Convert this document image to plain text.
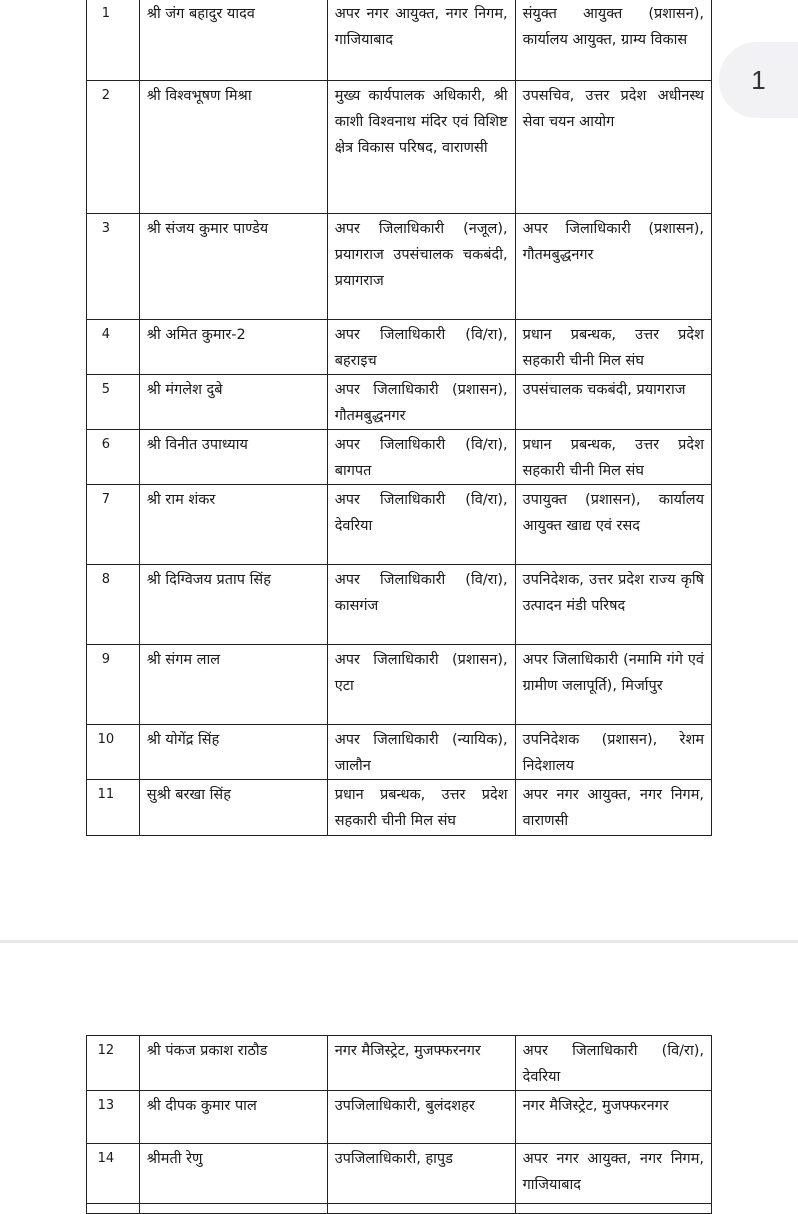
1	श्री जंग बहादुर यादव	अपर नगर आयुक्त, नगर निगम, गाजियाबाद	संयुक्त आयुक्त (प्रशासन), कार्यालय आयुक्त, ग्राम्य विकास
2	श्री विश्वभूषण मिश्रा	मुख्य कार्यपालक अधिकारी, श्री काशी विश्वनाथ मंदिर एवं विशिष्ट क्षेत्र विकास परिषद, वाराणसी	उपसचिव, उत्तर प्रदेश अधीनस्थ सेवा चयन आयोग
3	श्री संजय कुमार पाण्डेय	अपर जिलाधिकारी (नजूल), प्रयागराज उपसंचालक चकबंदी, प्रयागराज	अपर जिलाधिकारी (प्रशासन), गौतमबुद्धनगर
4	श्री अमित कुमार-2	अपर जिलाधिकारी (वि/रा), बहराइच	प्रधान प्रबन्धक, उत्तर प्रदेश सहकारी चीनी मिल संघ
5	श्री मंगलेश दुबे	अपर जिलाधिकारी (प्रशासन), गौतमबुद्धनगर	उपसंचालक चकबंदी, प्रयागराज
6	श्री विनीत उपाध्याय	अपर जिलाधिकारी (वि/रा), बागपत	प्रधान प्रबन्धक, उत्तर प्रदेश सहकारी चीनी मिल संघ
7	श्री राम शंकर	अपर जिलाधिकारी (वि/रा), देवरिया	उपायुक्त (प्रशासन), कार्यालय आयुक्त खाद्य एवं रसद
8	श्री दिग्विजय प्रताप सिंह	अपर जिलाधिकारी (वि/रा), कासगंज	उपनिदेशक, उत्तर प्रदेश राज्य कृषि उत्पादन मंडी परिषद
9	श्री संगम लाल	अपर जिलाधिकारी (प्रशासन), एटा	अपर जिलाधिकारी (नमामि गंगे एवं ग्रामीण जलापूर्ति), मिर्जापुर
10	श्री योगेंद्र सिंह	अपर जिलाधिकारी (न्यायिक), जालौन	उपनिदेशक (प्रशासन), रेशम निदेशालय
11	सुश्री बरखा सिंह	प्रधान प्रबन्धक, उत्तर प्रदेश सहकारी चीनी मिल संघ	अपर नगर आयुक्त, नगर निगम, वाराणसी
12	श्री पंकज प्रकाश राठौड	नगर मैजिस्ट्रेट, मुजफ्फरनगर	अपर जिलाधिकारी (वि/रा), देवरिया
13	श्री दीपक कुमार पाल	उपजिलाधिकारी, बुलंदशहर	नगर मैजिस्ट्रेट, मुजफ्फरनगर
14	श्रीमती रेणु	उपजिलाधिकारी, हापुड	अपर नगर आयुक्त, नगर निगम, गाजियाबाद

1
